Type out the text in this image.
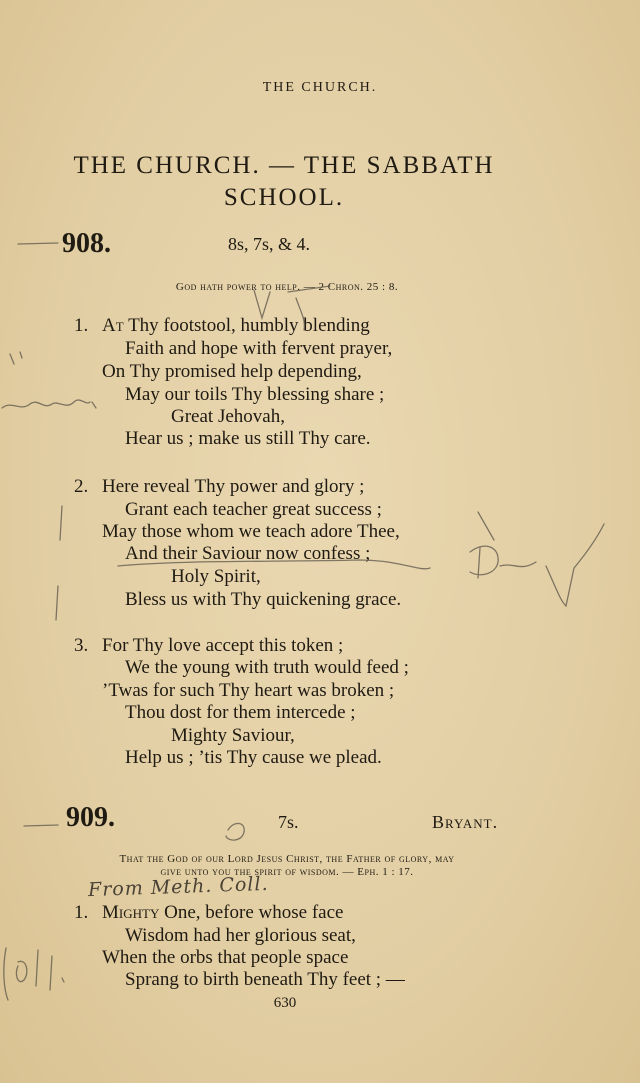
THE CHURCH.
THE CHURCH. — THE SABBATH
SCHOOL.
908.	8s, 7s, & 4.
God hath power to help. — 2 Chron. 25 : 8.
1. At Thy footstool, humbly blending
Faith and hope with fervent prayer,
On Thy promised help depending,
May our toils Thy blessing share ;
Great Jehovah,
Hear us ; make us still Thy care.
2. Here reveal Thy power and glory ;
Grant each teacher great success ;
May those whom we teach adore Thee,
And their Saviour now confess ;
Holy Spirit,
Bless us with Thy quickening grace.
3. For Thy love accept this token ;
We the young with truth would feed ;
’Twas for such Thy heart was broken ;
Thou dost for them intercede ;
Mighty Saviour,
Help us ; ’tis Thy cause we plead.
909.	7s.	Bryant.
That the God of our Lord Jesus Christ, the Father of glory, may
give unto you the spirit of wisdom. — Eph. 1 : 17.
From Meth. Coll.
1. Mighty One, before whose face
Wisdom had her glorious seat,
When the orbs that people space
Sprang to birth beneath Thy feet ; —
630
